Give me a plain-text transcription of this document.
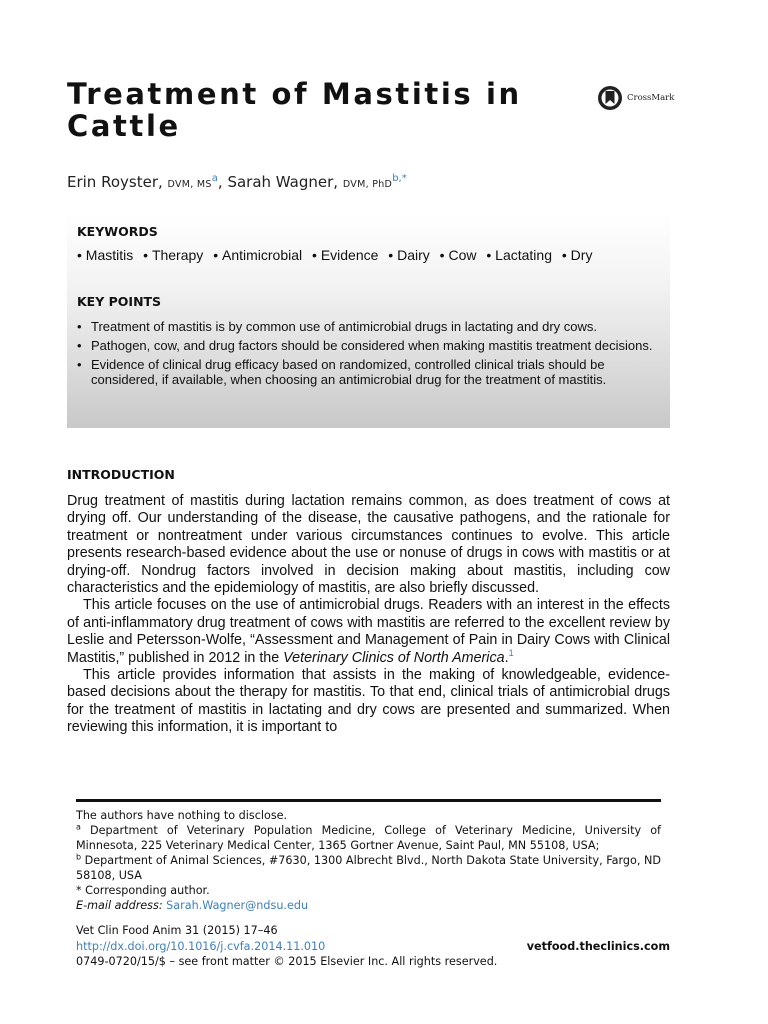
Treatment of Mastitis in Cattle
CrossMark
Erin Royster, DVM, $MS^a$, Sarah Wagner, DVM, PhD$^{b,*}$
KEYWORDS
• Mastitis • Therapy • Antimicrobial • Evidence • Dairy • Cow • Lactating • Dry
KEY POINTS
• Treatment of mastitis is by common use of antimicrobial drugs in lactating and dry cows.
• Pathogen, cow, and drug factors should be considered when making mastitis treatment decisions.
• Evidence of clinical drug efficacy based on randomized, controlled clinical trials should be considered, if available, when choosing an antimicrobial drug for the treatment of mastitis.
INTRODUCTION

Drug treatment of mastitis during lactation remains common, as does treatment of cows at drying off. Our understanding of the disease, the causative pathogens, and the rationale for treatment or nontreatment under various circumstances continues to evolve. This article presents research-based evidence about the use or nonuse of drugs in cows with mastitis or at drying-off. Nondrug factors involved in decision making about mastitis, including cow characteristics and the epidemiology of mastitis, are also briefly discussed.

This article focuses on the use of antimicrobial drugs. Readers with an interest in the effects of anti-inflammatory drug treatment of cows with mastitis are referred to the excellent review by Leslie and Petersson-Wolfe, “Assessment and Management of Pain in Dairy Cows with Clinical Mastitis,” published in 2012 in the Veterinary Clinics of North America.$^1$

This article provides information that assists in the making of knowledgeable, evidence-based decisions about the therapy for mastitis. To that end, clinical trials of antimicrobial drugs for the treatment of mastitis in lactating and dry cows are presented and summarized. When reviewing this information, it is important to

The authors have nothing to disclose.

$^a$ Department of Veterinary Population Medicine, College of Veterinary Medicine, University of Minnesota, 225 Veterinary Medical Center, 1365 Gortner Avenue, Saint Paul, MN 55108, USA;

$^b$ Department of Animal Sciences, #7630, 1300 Albrecht Blvd., North Dakota State University, Fargo, ND 58108, USA

* Corresponding author.

E-mail address: Sarah.Wagner@ndsu.edu

Vet Clin Food Anim 31 (2015) 17–46
http://dx.doi.org/10.1016/j.cvfa.2014.11.010	vetfood.theclinics.com
0749-0720/15/$ – see front matter © 2015 Elsevier Inc. All rights reserved.
